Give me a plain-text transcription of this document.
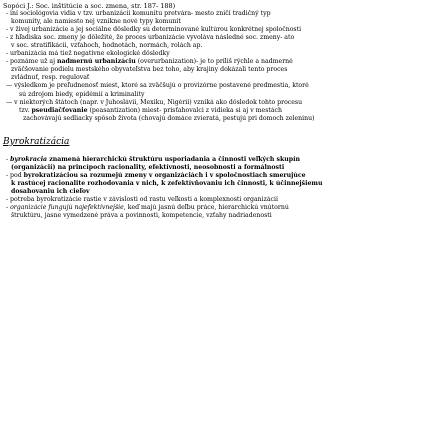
Sopóci J.: Soc. inštitúcie a soc. zmena, str. 187- 188)
- iní sociológovia vidia v tzv. urbanizácii komunitu pretvára- mesto zničí tradičný typ
komunity, ale namiesto nej vznikne nové typy komunít
- v živej urbanizácie a jej sociálne dôsledky sú determinované kultúrou konkrétnej spoločnosti
- z hľadiska soc. zmeny je dôležité, že proces urbanizácie vyvoláva následné soc. zmeny- ato
v soc. stratifikácii, vzťahoch, hodnotách, normách, rolách ap.
- urbanizácia má tiež negatívne ekologické dôsledky
- poznáme už aj nadmernú urbanizáciu (overurbanization)- je to príliš rýchle a nadmerné
zväčšovanie podielu mestského obyvateľstva bez toho, aby krajiny dokázali tento proces
zvládnuť, resp. regulovať
— výsledkom je preľudnenosť miest, ktoré sa zväčšujú o provizórne postavené predmestia, ktoré
sú zdrojom biedy, epidémií a kriminality
— v niektorých štátoch (napr. v Juhoslávii, Mexiku, Nigérii) vzniká ako dôsledok tohto procesu
tzv. pseudiačťovanie (peasantization) miest- prisťahovalci z vidieka si aj v mestách
zachovávajú sedliacky spôsob života (chovajú domáce zvieratá, pestujú pri domoch zeleninu)
Byrokratizácia
- byrokracia znamená hierarchickú štruktúru usporiadania a činnosti veľkých skupín
(organizácií) na princípoch racionality, efektívnosti, neosobnosti a formálnosti
- pod byrokratizáciou sa rozumejú zmeny v organizáciách i v spoločnostiach smerujúce
k rastúcej racionalite rozhodovania v nich, k zefektívňovaniu ich činnosti, k účinnejšiemu
dosahovaniu ich cieľov
- potreba byrokratizácie rastie v závislosti od rastu veľkosti a komplexnosti organizácií
- organizácie fungujú najefektívnejšie, keď majú jasnú deľbu práce, hierarchickú vnútornú
štruktúru, jasne vymedzené práva a povinnosti, kompetencie, vzťahy nadriadenosti
